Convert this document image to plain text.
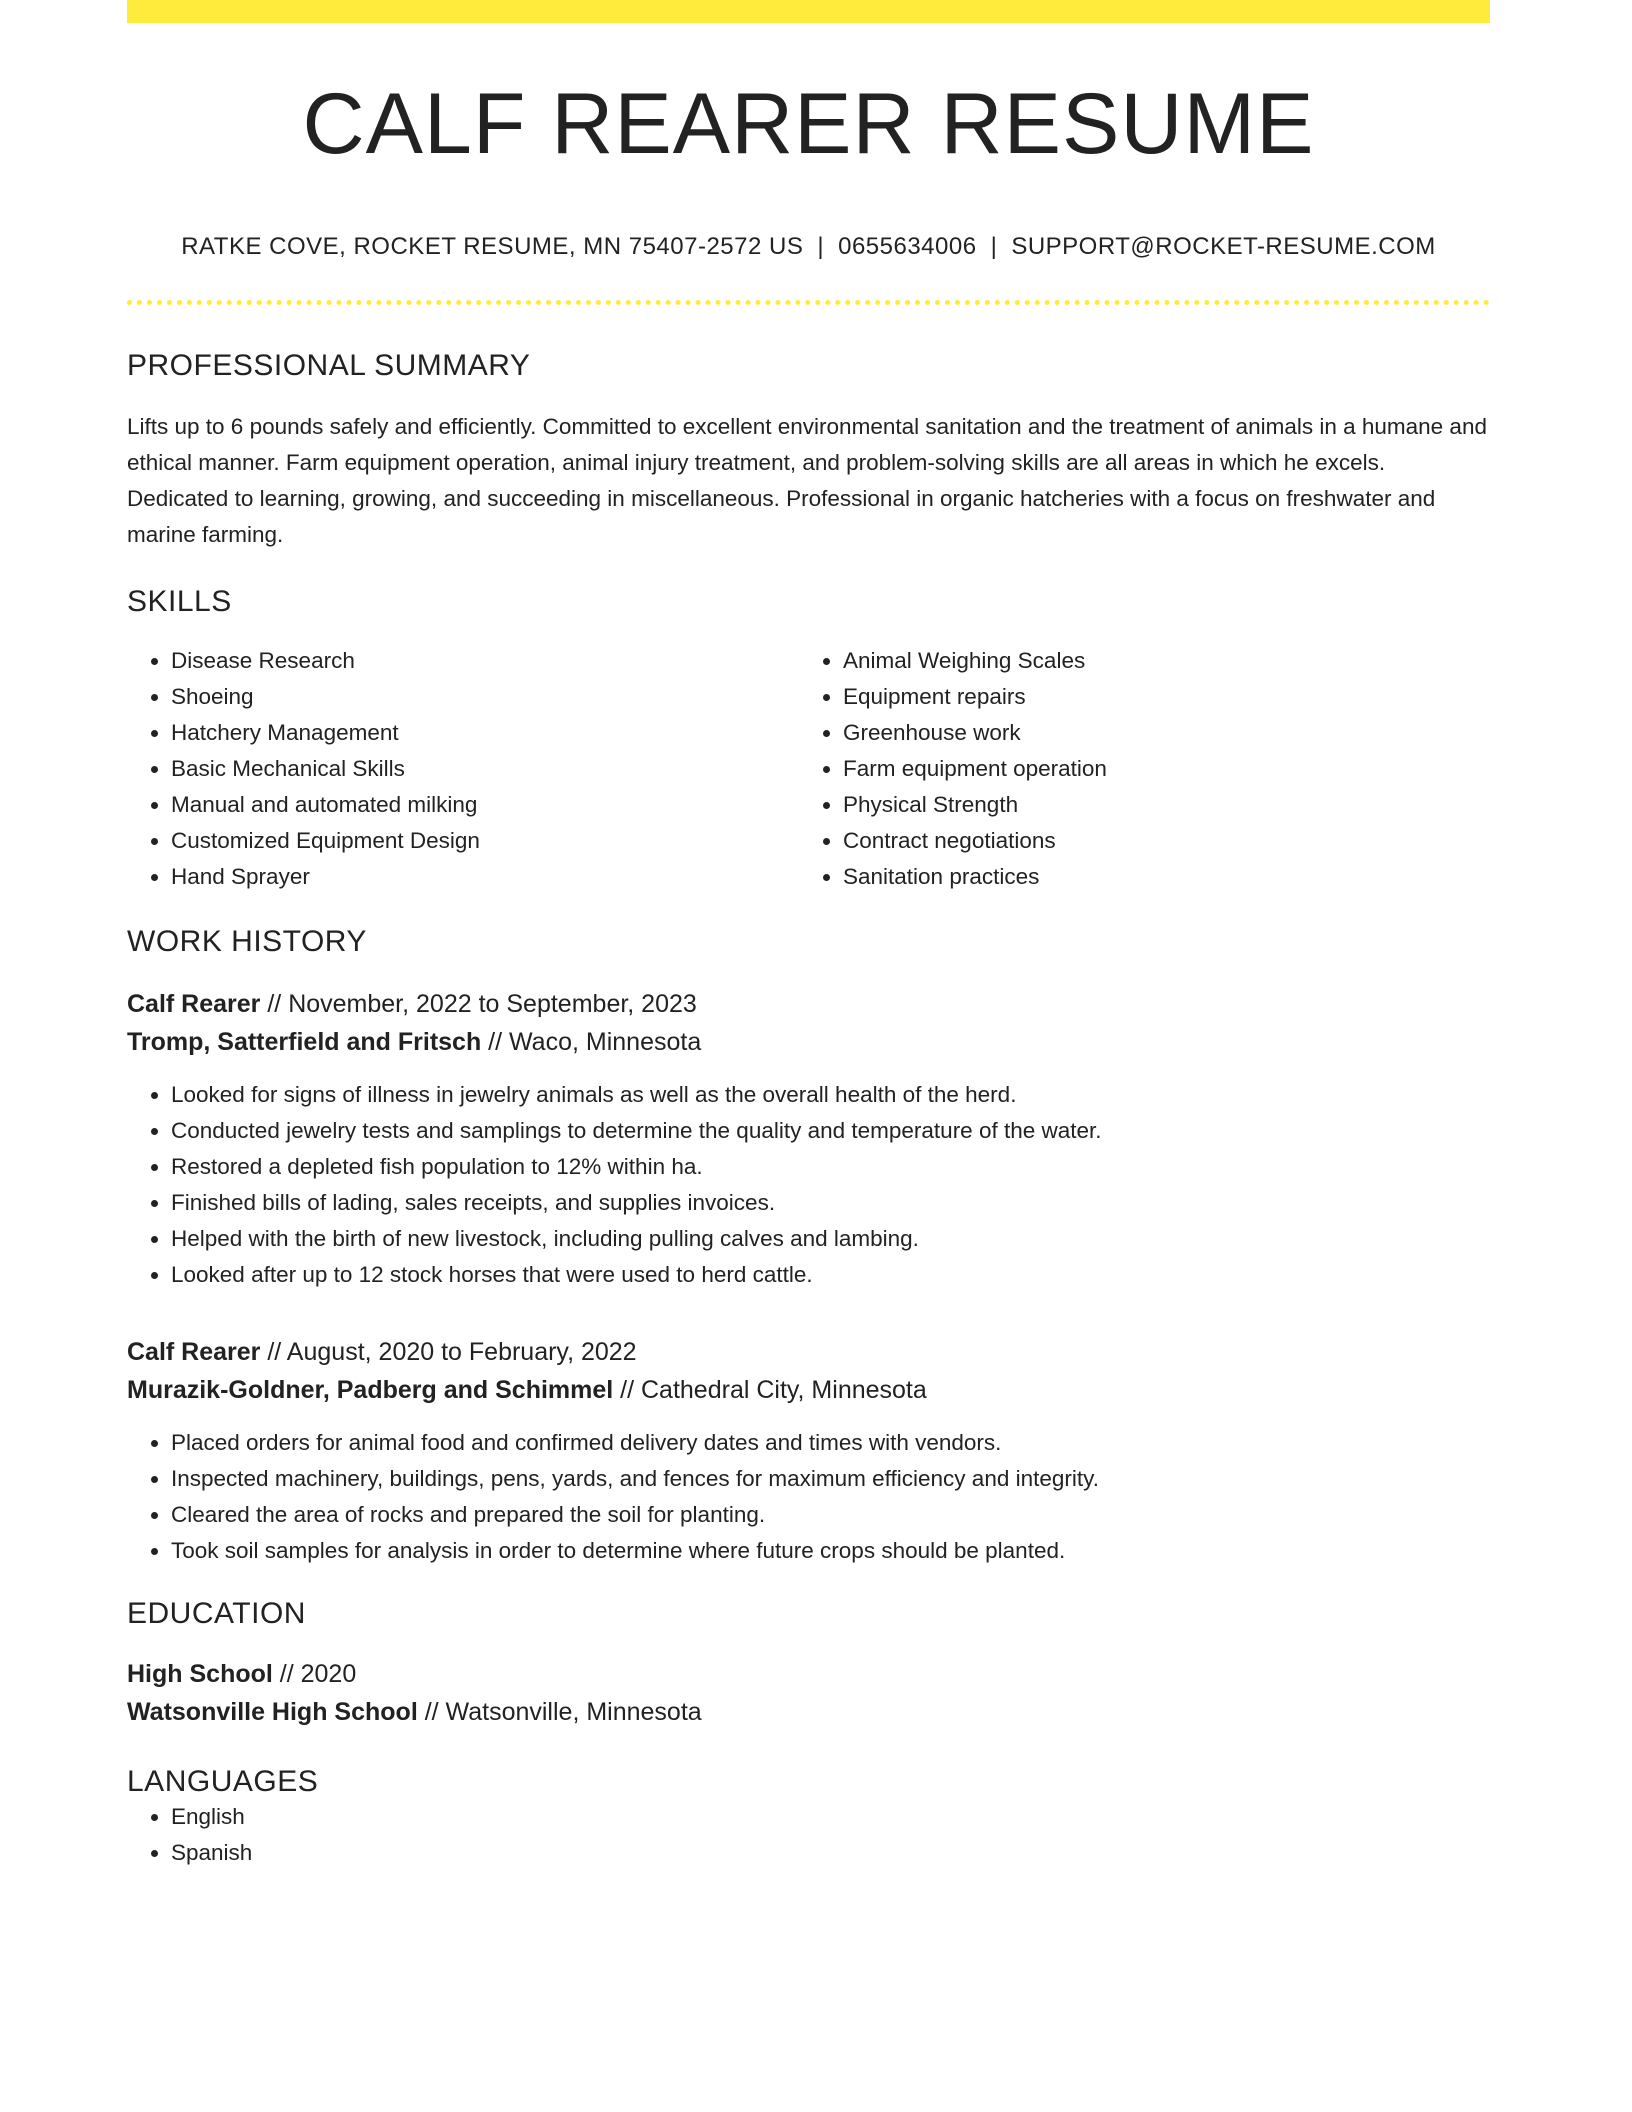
CALF REARER RESUME
RATKE COVE, ROCKET RESUME, MN 75407-2572 US | 0655634006 | SUPPORT@ROCKET-RESUME.COM
PROFESSIONAL SUMMARY

Lifts up to 6 pounds safely and efficiently. Committed to excellent environmental sanitation and the treatment of animals in a humane and ethical manner. Farm equipment operation, animal injury treatment, and problem-solving skills are all areas in which he excels. Dedicated to learning, growing, and succeeding in miscellaneous. Professional in organic hatcheries with a focus on freshwater and marine farming.

SKILLS
• Disease Research
• Shoeing
• Hatchery Management
• Basic Mechanical Skills
• Manual and automated milking
• Customized Equipment Design
• Hand Sprayer
• Animal Weighing Scales
• Equipment repairs
• Greenhouse work
• Farm equipment operation
• Physical Strength
• Contract negotiations
• Sanitation practices
WORK HISTORY
Calf Rearer // November, 2022 to September, 2023
Tromp, Satterfield and Fritsch // Waco, Minnesota
• Looked for signs of illness in jewelry animals as well as the overall health of the herd.
• Conducted jewelry tests and samplings to determine the quality and temperature of the water.
• Restored a depleted fish population to 12% within ha.
• Finished bills of lading, sales receipts, and supplies invoices.
• Helped with the birth of new livestock, including pulling calves and lambing.
• Looked after up to 12 stock horses that were used to herd cattle.
Calf Rearer // August, 2020 to February, 2022
Murazik-Goldner, Padberg and Schimmel // Cathedral City, Minnesota
• Placed orders for animal food and confirmed delivery dates and times with vendors.
• Inspected machinery, buildings, pens, yards, and fences for maximum efficiency and integrity.
• Cleared the area of rocks and prepared the soil for planting.
• Took soil samples for analysis in order to determine where future crops should be planted.
EDUCATION
High School // 2020
Watsonville High School // Watsonville, Minnesota
LANGUAGES
• English
• Spanish
